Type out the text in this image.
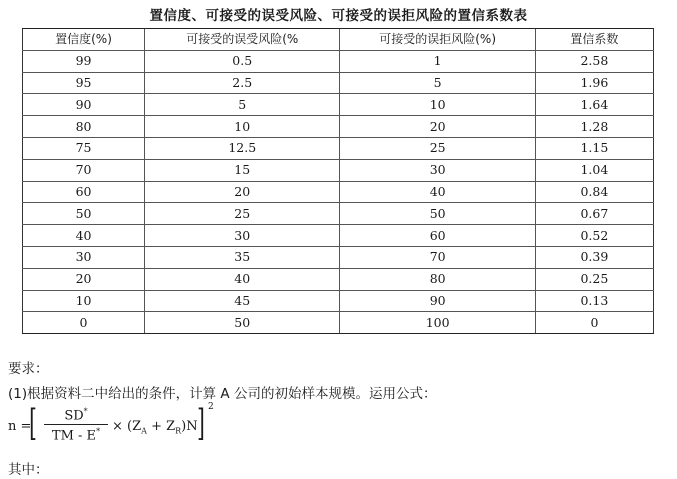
置信度、可接受的误受风险、可接受的误拒风险的置信系数表
置信度(%)	可接受的误受风险(%	可接受的误拒风险(%)	置信系数
99	0.5	1	2.58
95	2.5	5	1.96
90	5	10	1.64
80	10	20	1.28
75	12.5	25	1.15
70	15	30	1.04
60	20	40	0.84
50	25	50	0.67
40	30	60	0.52
30	35	70	0.39
20	40	80	0.25
10	45	90	0.13
0	50	100	0
要求：
(1)根据资料二中给出的条件，计算 A 公司的初始样本规模。运用公式：
n =
[ $\frac{SD^*}{TM - E^*} \times (Z_A + Z_R)N$ ] 2
其中：
